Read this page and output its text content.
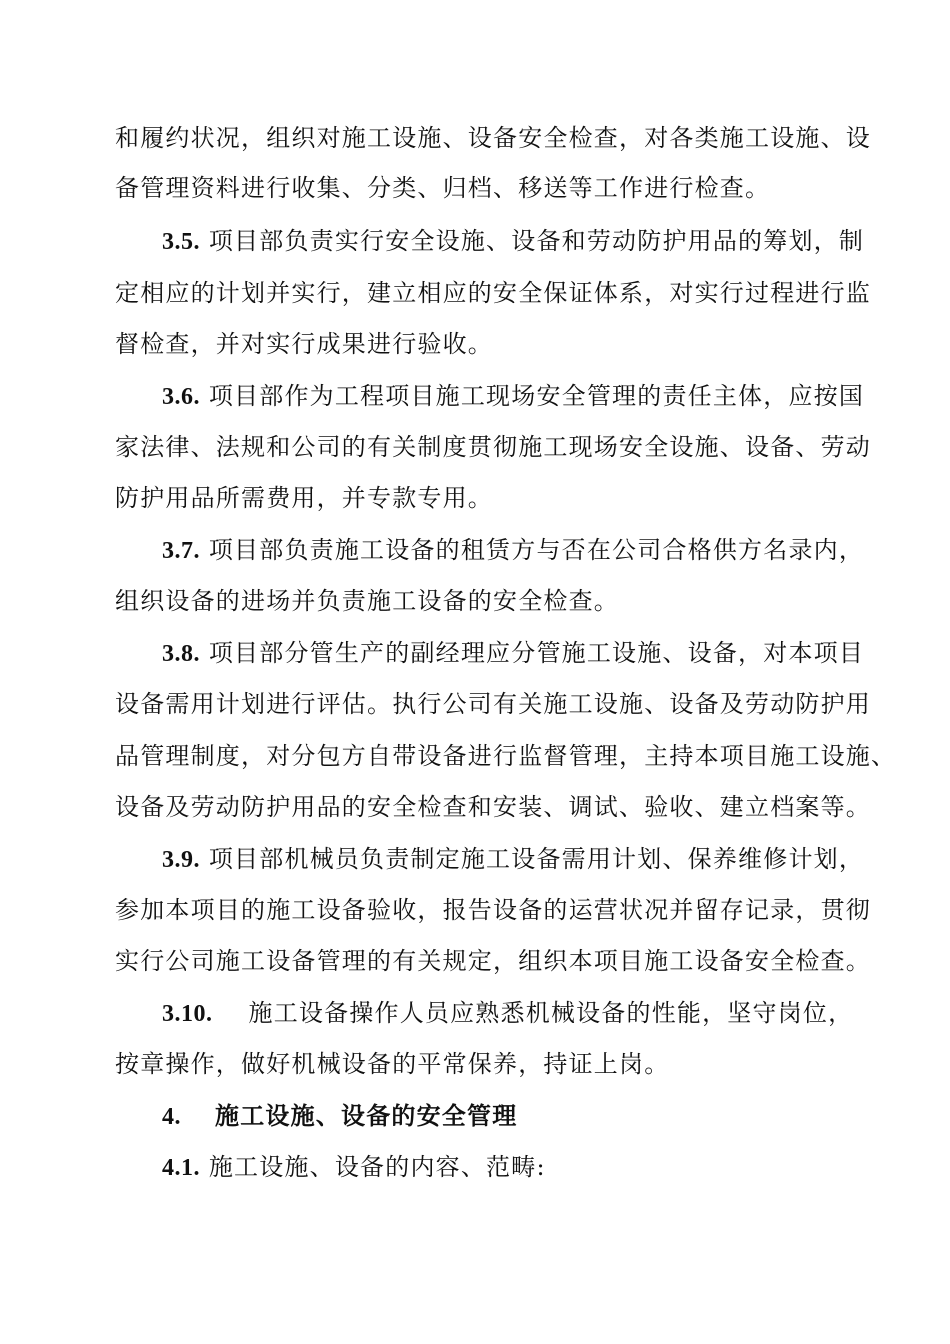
和履约状况，组织对施工设施、设备安全检查，对各类施工设施、设
备管理资料进行收集、分类、归档、移送等工作进行检查。
3.5. 项目部负责实行安全设施、设备和劳动防护用品的筹划，制
定相应的计划并实行，建立相应的安全保证体系，对实行过程进行监
督检查，并对实行成果进行验收。
3.6. 项目部作为工程项目施工现场安全管理的责任主体，应按国
家法律、法规和公司的有关制度贯彻施工现场安全设施、设备、劳动
防护用品所需费用，并专款专用。
3.7. 项目部负责施工设备的租赁方与否在公司合格供方名录内，
组织设备的进场并负责施工设备的安全检查。
3.8. 项目部分管生产的副经理应分管施工设施、设备，对本项目
设备需用计划进行评估。执行公司有关施工设施、设备及劳动防护用
品管理制度，对分包方自带设备进行监督管理，主持本项目施工设施、
设备及劳动防护用品的安全检查和安装、调试、验收、建立档案等。
3.9. 项目部机械员负责制定施工设备需用计划、保养维修计划，
参加本项目的施工设备验收，报告设备的运营状况并留存记录，贯彻
实行公司施工设备管理的有关规定，组织本项目施工设备安全检查。
3.10. 施工设备操作人员应熟悉机械设备的性能，坚守岗位，
按章操作，做好机械设备的平常保养，持证上岗。
4. 施工设施、设备的安全管理
4.1. 施工设施、设备的内容、范畴:
